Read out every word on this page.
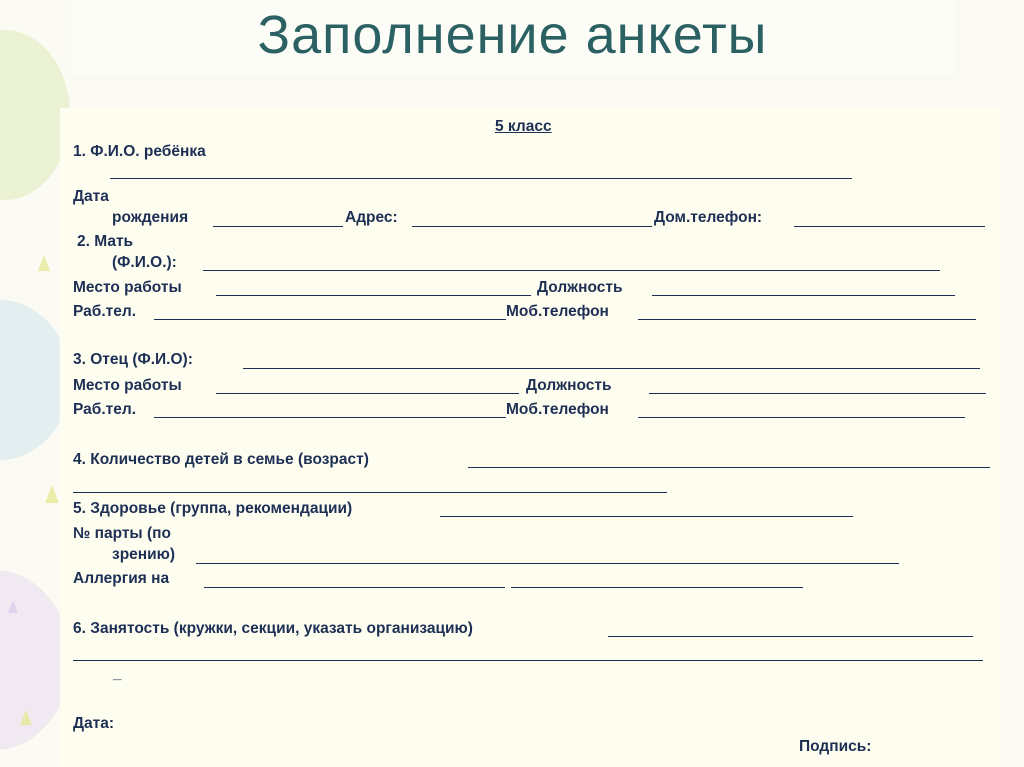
Заполнение анкеты
5 класс
1. Ф.И.О. ребёнка
Дата
рождения	Адрес:	Дом.телефон:
2. Мать
(Ф.И.О.):
Место работы	Должность
Раб.тел.	Моб.телефон
3. Отец (Ф.И.О):
Место работы	Должность
Раб.тел.	Моб.телефон
4. Количество детей в семье (возраст)
5. Здоровье (группа, рекомендации)
№ парты (по
зрению)
Аллергия на
6. Занятость (кружки, секции, указать организацию)
_
Дата:
Подпись:
